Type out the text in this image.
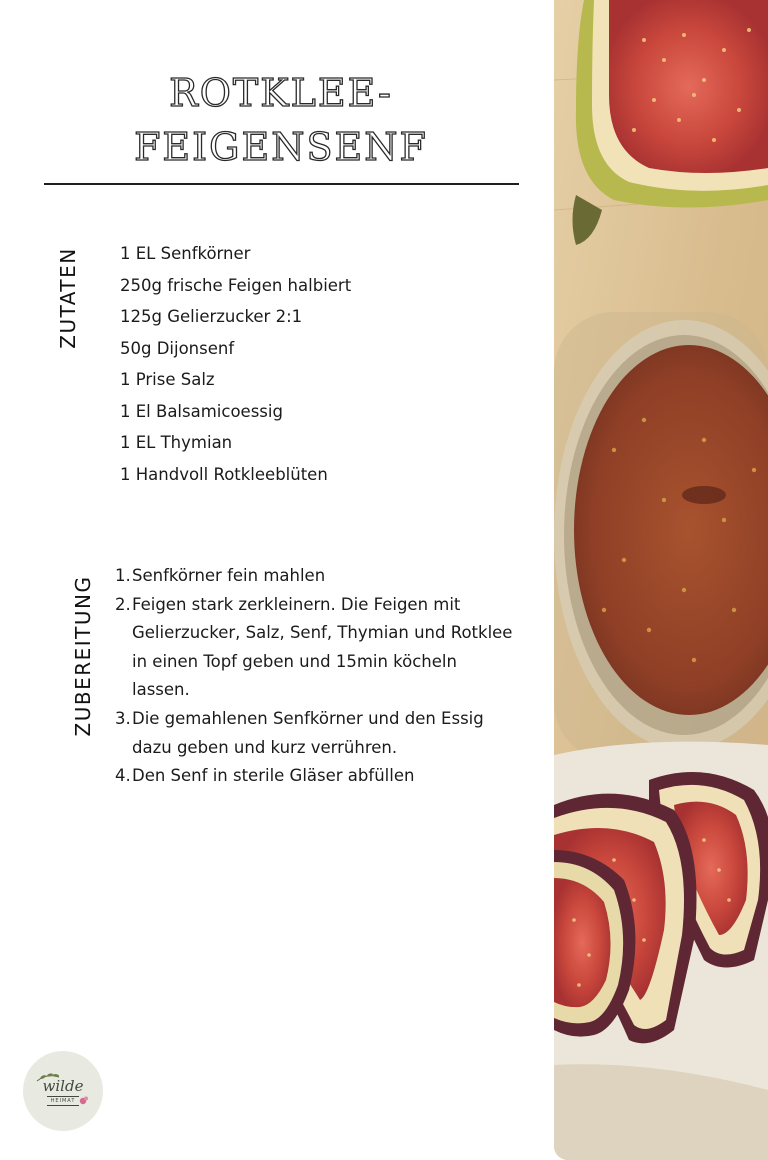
ROTKLEE-
FEIGENSENF
ZUTATEN 1 EL Senfkörner
250g frische Feigen halbiert
125g Gelierzucker 2:1
50g Dijonsenf
1 Prise Salz
1 El Balsamicoessig
1 EL Thymian
1 Handvoll Rotkleeblüten
ZUBEREITUNG
1. Senfkörner fein mahlen
2. Feigen stark zerkleinern. Die Feigen mit Gelierzucker, Salz, Senf, Thymian und Rotklee in einen Topf geben und 15min köcheln lassen.
3. Die gemahlenen Senfkörner und den Essig dazu geben und kurz verrühren.
4. Den Senf in sterile Gläser abfüllen
wilde
HEIMAT
